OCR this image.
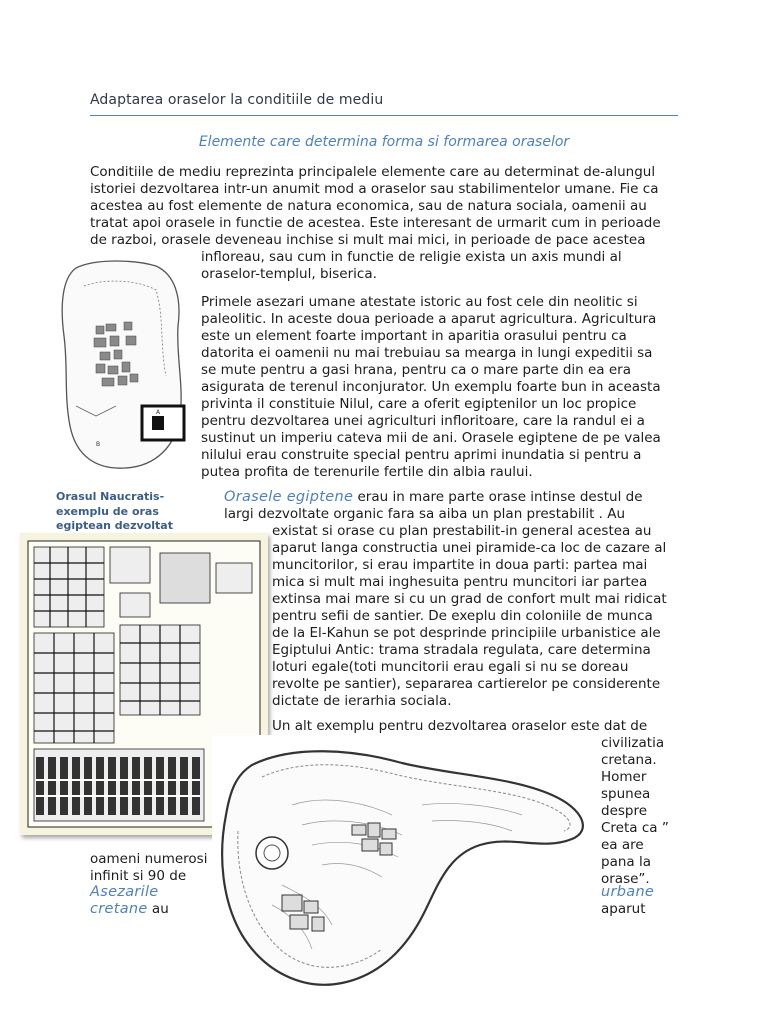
Adaptarea oraselor la conditiile de mediu
Elemente care determina forma si formarea oraselor
Conditiile de mediu reprezinta principalele elemente care au determinat de-alungul
istoriei dezvoltarea intr-un anumit mod a oraselor sau stabilimentelor umane. Fie ca
acestea au fost elemente de natura economica, sau de natura sociala, oamenii au
tratat apoi orasele in functie de acestea. Este interesant de urmarit cum in perioade
de razboi, orasele deveneau inchise si mult mai mici, in perioade de pace acestea
infloreau, sau cum in functie de religie exista un axis mundi al
oraselor-templul, biserica.
A
B
Primele asezari umane atestate istoric au fost cele din neolitic si
paleolitic. In aceste doua perioade a aparut agricultura. Agricultura
este un element foarte important in aparitia orasului pentru ca
datorita ei oamenii nu mai trebuiau sa mearga in lungi expeditii sa
se mute pentru a gasi hrana, pentru ca o mare parte din ea era
asigurata de terenul inconjurator. Un exemplu foarte bun in aceasta
privinta il constituie Nilul, care a oferit egiptenilor un loc propice
pentru dezvoltarea unei agriculturi infloritoare, care la randul ei a
sustinut un imperiu cateva mii de ani. Orasele egiptene de pe valea
nilului erau construite special pentru aprimi inundatia si pentru a
putea profita de terenurile fertile din albia raului.
Orasul Naucratis-exemplu de oras egiptean dezvoltat
Orasele egiptene erau in mare parte orase intinse destul de
largi dezvoltate organic fara sa aiba un plan prestabilit . Au
existat si orase cu plan prestabilit-in general acestea au
aparut langa constructia unei piramide-ca loc de cazare al
muncitorilor, si erau impartite in doua parti: partea mai
mica si mult mai inghesuita pentru muncitori iar partea
extinsa mai mare si cu un grad de confort mult mai ridicat
pentru sefii de santier. De exeplu din coloniile de munca
de la El-Kahun se pot desprinde principiile urbanistice ale
Egiptului Antic: trama stradala regulata, care determina
loturi egale(toti muncitorii erau egali si nu se doreau
revolte pe santier), separarea cartierelor pe considerente
dictate de ierarhia sociala.
Un alt exemplu pentru dezvoltarea oraselor este dat de
civilizatia
cretana.
Homer
spunea
despre
Creta ca ”
ea are
pana la
orase”.
oameni numerosi
infinit si 90 de
Asezarile
cretane au
urbane
aparut
